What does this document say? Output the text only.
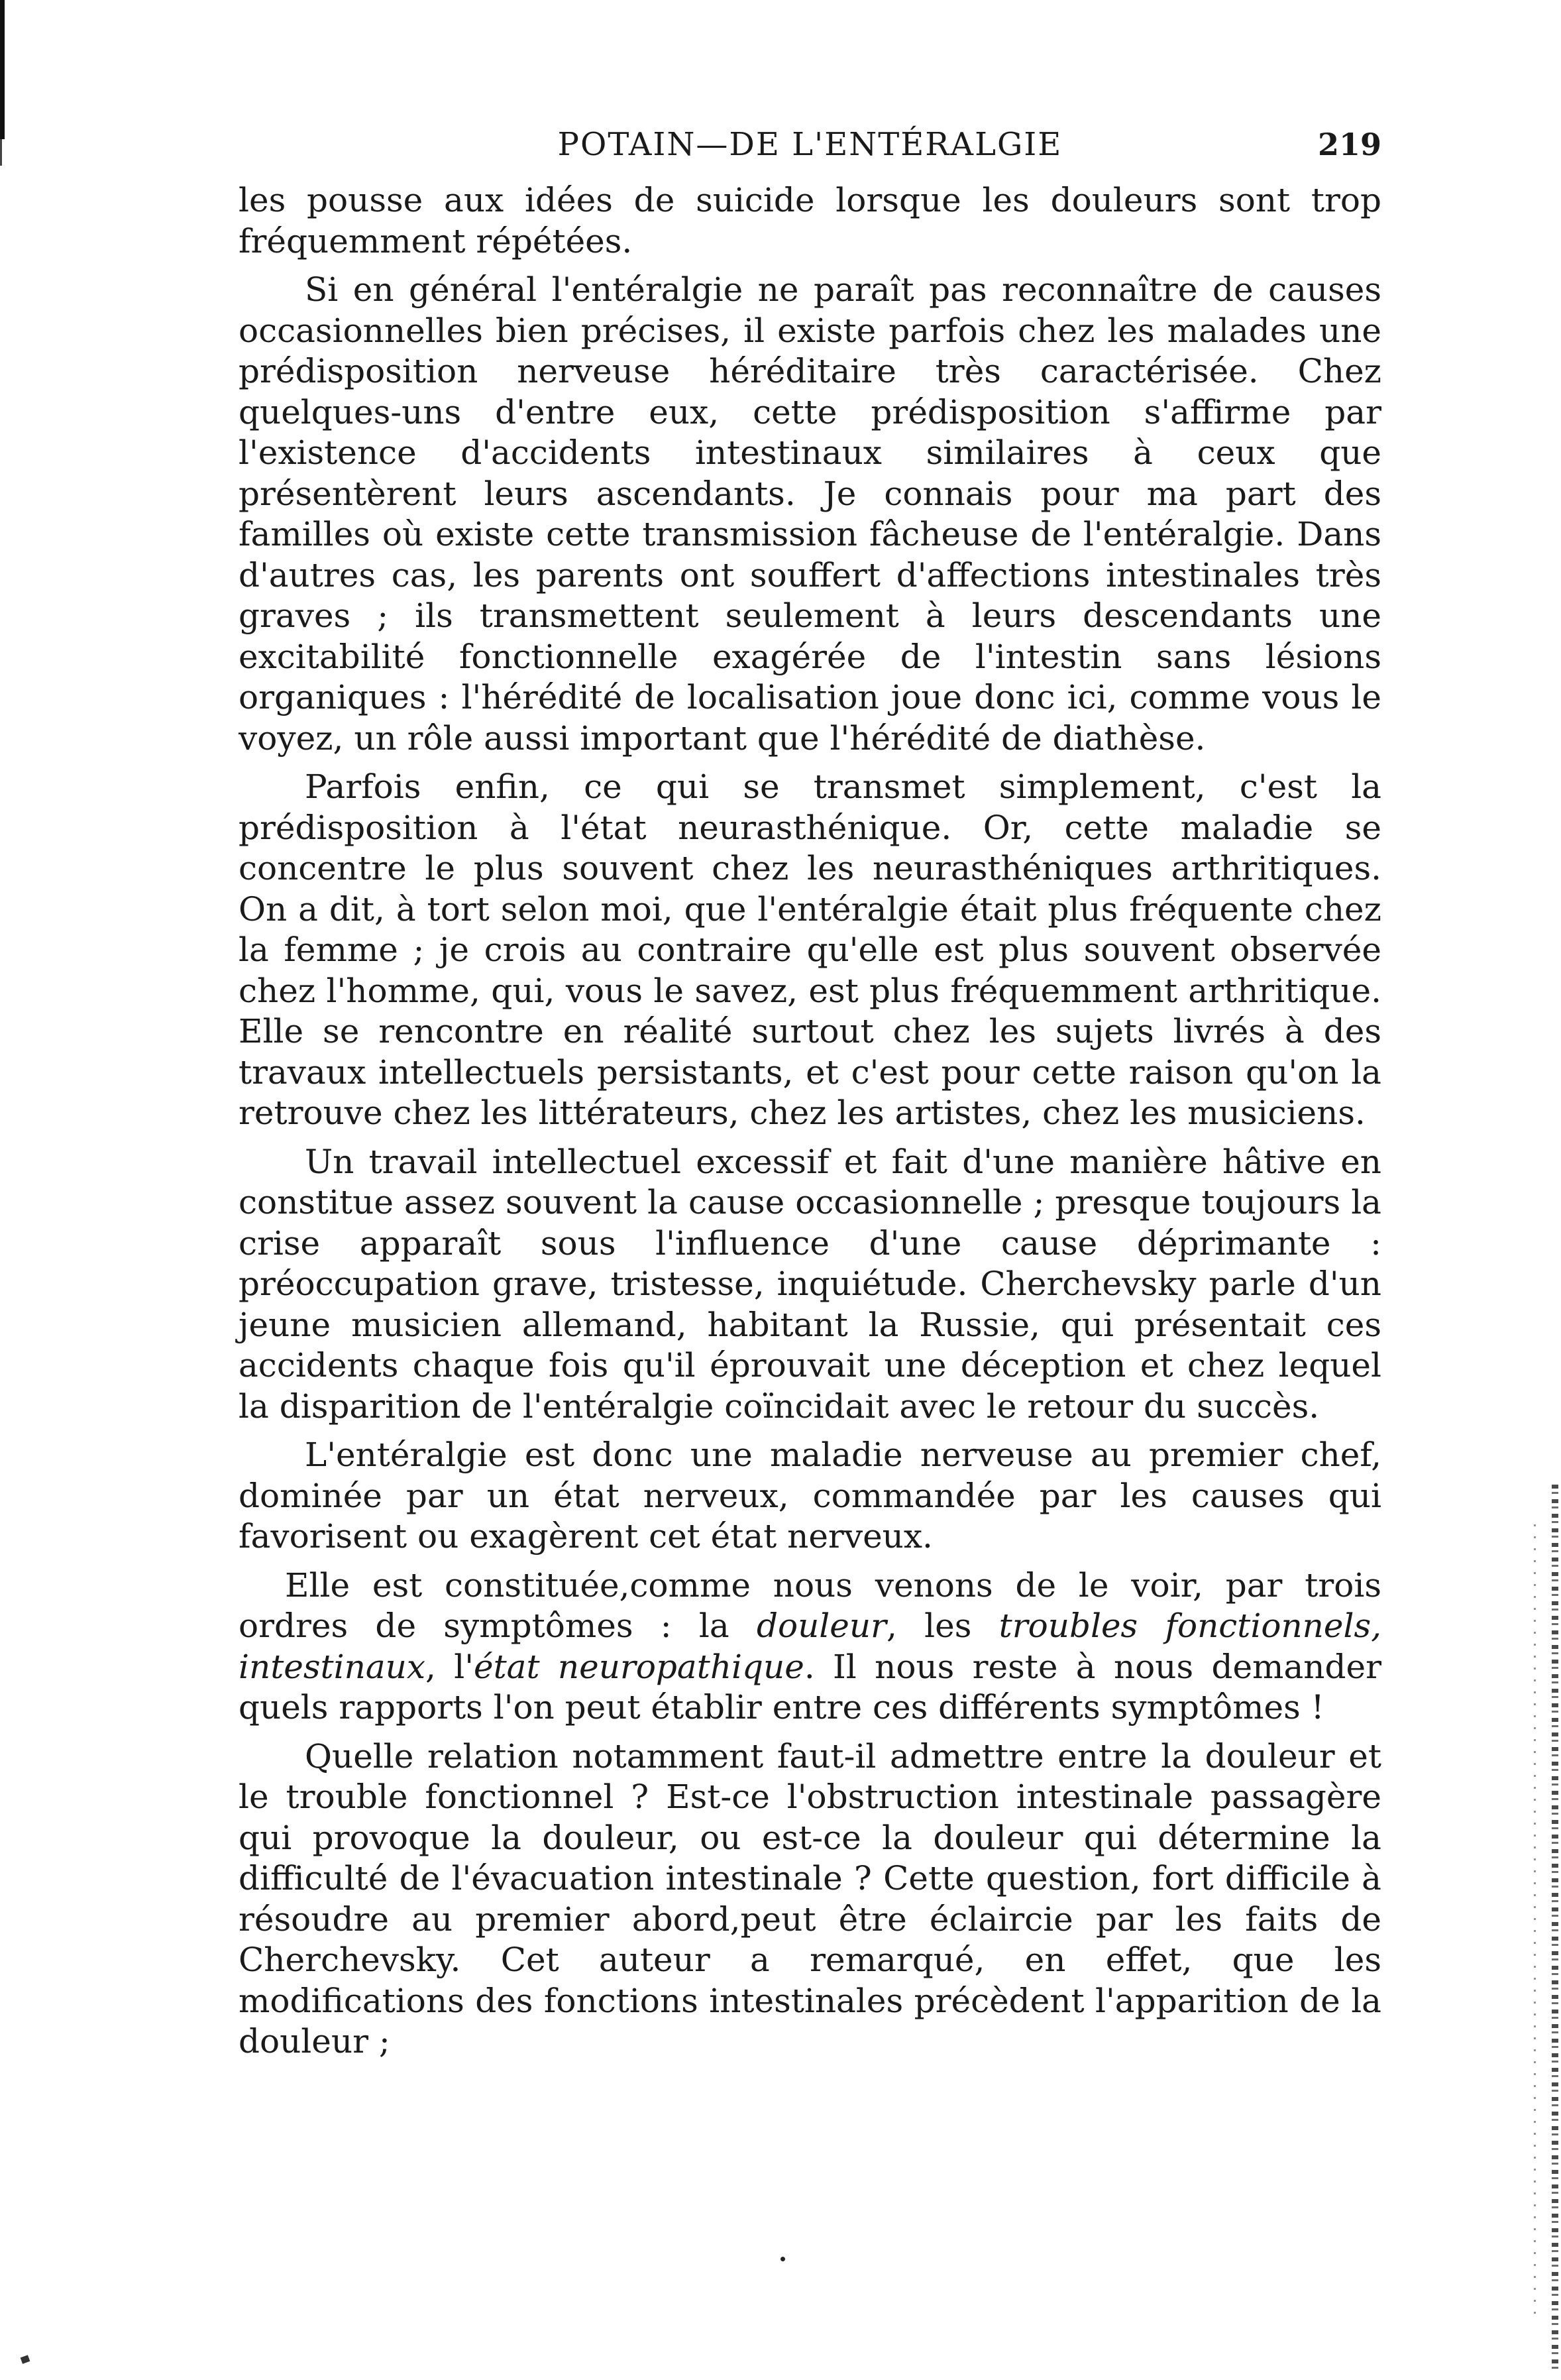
POTAIN—DE L'ENTÉRALGIE	219

les pousse aux idées de suicide lorsque les douleurs sont trop fréquemment répétées.

Si en général l'entéralgie ne paraît pas reconnaître de causes occasionnelles bien précises, il existe parfois chez les malades une prédisposition nerveuse héréditaire très caractérisée. Chez quelques-uns d'entre eux, cette prédisposition s'affirme par l'existence d'accidents intestinaux similaires à ceux que présentèrent leurs ascendants. Je connais pour ma part des familles où existe cette transmission fâcheuse de l'entéralgie. Dans d'autres cas, les parents ont souffert d'affections intestinales très graves ; ils transmettent seulement à leurs descendants une excitabilité fonctionnelle exagérée de l'intestin sans lésions organiques : l'hérédité de localisation joue donc ici, comme vous le voyez, un rôle aussi important que l'hérédité de diathèse.

Parfois enfin, ce qui se transmet simplement, c'est la prédisposition à l'état neurasthénique. Or, cette maladie se concentre le plus souvent chez les neurasthéniques arthritiques. On a dit, à tort selon moi, que l'entéralgie était plus fréquente chez la femme ; je crois au contraire qu'elle est plus souvent observée chez l'homme, qui, vous le savez, est plus fréquemment arthritique. Elle se rencontre en réalité surtout chez les sujets livrés à des travaux intellectuels persistants, et c'est pour cette raison qu'on la retrouve chez les littérateurs, chez les artistes, chez les musiciens.

Un travail intellectuel excessif et fait d'une manière hâtive en constitue assez souvent la cause occasionnelle ; presque toujours la crise apparaît sous l'influence d'une cause déprimante : préoccupation grave, tristesse, inquiétude. Cherchevsky parle d'un jeune musicien allemand, habitant la Russie, qui présentait ces accidents chaque fois qu'il éprouvait une déception et chez lequel la disparition de l'entéralgie coïncidait avec le retour du succès.

L'entéralgie est donc une maladie nerveuse au premier chef, dominée par un état nerveux, commandée par les causes qui favorisent ou exagèrent cet état nerveux.

Elle est constituée,comme nous venons de le voir, par trois ordres de symptômes : la douleur, les troubles fonctionnels, intestinaux, l'état neuropathique. Il nous reste à nous demander quels rapports l'on peut établir entre ces différents symptômes !

Quelle relation notamment faut-il admettre entre la douleur et le trouble fonctionnel ? Est-ce l'obstruction intestinale passagère qui provoque la douleur, ou est-ce la douleur qui détermine la difficulté de l'évacuation intestinale ? Cette question, fort difficile à résoudre au premier abord,peut être éclaircie par les faits de Cherchevsky. Cet auteur a remarqué, en effet, que les modifications des fonctions intestinales précèdent l'apparition de la douleur ;
